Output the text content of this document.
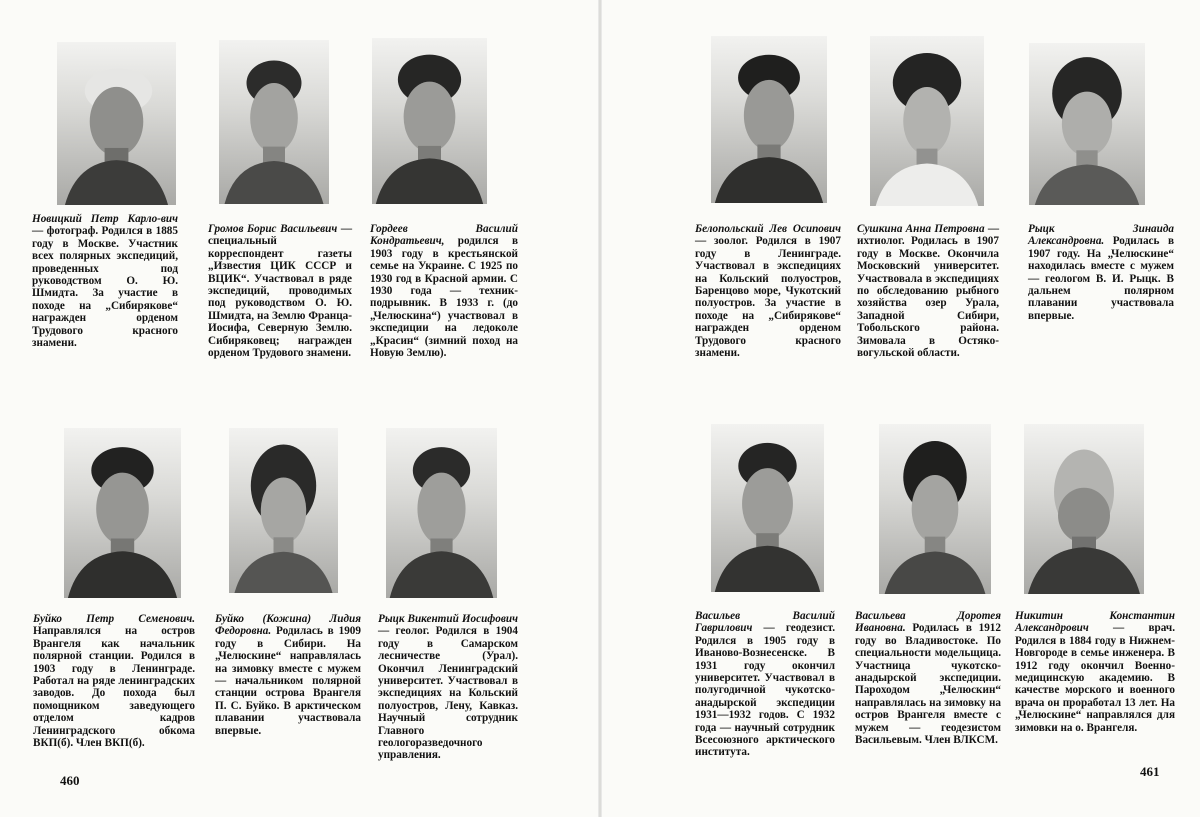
Новицкий Петр Карло-вич — фотограф. Родился в 1885 году в Москве. Участник всех полярных экспедиций, проведенных под руководством О. Ю. Шмидта. За участие в походе на „Сибирякове“ награжден орденом Трудового красного знамени.
Громов Борис Васильевич — специальный корреспондент газеты „Известия ЦИК СССР и ВЦИК“. Участвовал в ряде экспедиций, проводимых под руководством О. Ю. Шмидта, на Землю Франца-Иосифа, Северную Землю. Сибиряковец; награжден орденом Трудового знамени.
Гордеев Василий Кондратьевич, родился в 1903 году в крестьянской семье на Украине. С 1925 по 1930 год в Красной армии. С 1930 года — техник-подрывник. В 1933 г. (до „Челюскина“) участвовал в экспедиции на ледоколе „Красин“ (зимний поход на Новую Землю).
Буйко Петр Семенович. Направлялся на остров Врангеля как начальник полярной станции. Родился в 1903 году в Ленинграде. Работал на ряде ленинградских заводов. До похода был помощником заведующего отделом кадров Ленинградского обкома ВКП(б). Член ВКП(б).
Буйко (Кожина) Лидия Федоровна. Родилась в 1909 году в Сибири. На „Челюскине“ направлялась на зимовку вместе с мужем — начальником полярной станции острова Врангеля П. С. Буйко. В арктическом плавании участвовала впервые.
Рыцк Викентий Иосифович — геолог. Родился в 1904 году в Самарском лесничестве (Урал). Окончил Ленинградский университет. Участвовал в экспедициях на Кольский полуостров, Лену, Кавказ. Научный сотрудник Главного геологоразведочного управления.
460
Белопольский Лев Осипович — зоолог. Родился в 1907 году в Ленинграде. Участвовал в экспедициях на Кольский полуостров, Баренцово море, Чукотский полуостров. За участие в походе на „Сибирякове“ награжден орденом Трудового красного знамени.
Сушкина Анна Петровна — ихтиолог. Родилась в 1907 году в Москве. Окончила Московский университет. Участвовала в экспедициях по обследованию рыбного хозяйства озер Урала, Западной Сибири, Тобольского района. Зимовала в Остяко-вогульской области.
Рыцк Зинаида Александровна. Родилась в 1907 году. На „Челюскине“ находилась вместе с мужем — геологом В. И. Рыцк. В дальнем полярном плавании участвовала впервые.
Васильев Василий Гаврилович — геодезист. Родился в 1905 году в Иваново-Вознесенске. В 1931 году окончил университет. Участвовал в полугодичной чукотско-анадырской экспедиции 1931—1932 годов. С 1932 года — научный сотрудник Всесоюзного арктического института.
Васильева Доротея Ивановна. Родилась в 1912 году во Владивостоке. По специальности модельщица. Участница чукотско-анадырской экспедиции. Пароходом „Челюскин“ направлялась на зимовку на остров Врангеля вместе с мужем — геодезистом Васильевым. Член ВЛКСМ.
Никитин Константин Александрович — врач. Родился в 1884 году в Нижнем-Новгороде в семье инженера. В 1912 году окончил Военно-медицинскую академию. В качестве морского и военного врача он проработал 13 лет. На „Челюскине“ направлялся для зимовки на о. Врангеля.
461
